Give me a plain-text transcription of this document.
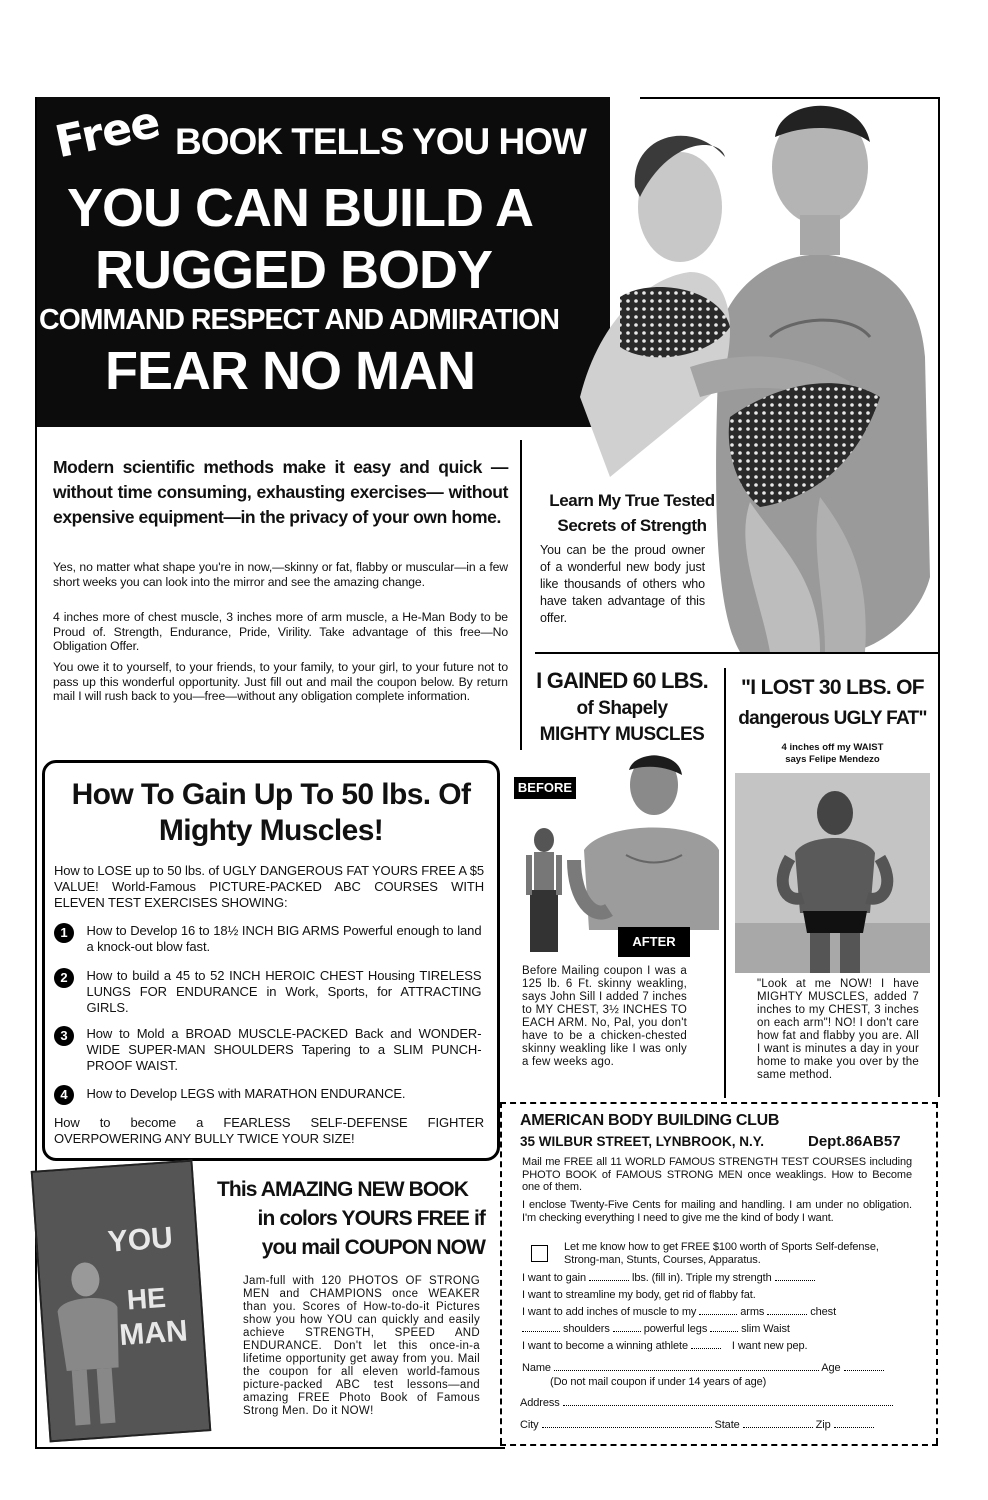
Free BOOK TELLS YOU HOW
YOU CAN BUILD A
RUGGED BODY
COMMAND RESPECT AND ADMIRATION
FEAR NO MAN
Modern scientific methods make it easy and quick —without time consuming, exhausting exercises— without expensive equipment—in the privacy of your own home.
Yes, no matter what shape you're in now,—skinny or fat, flabby or muscular—in a few short weeks you can look into the mirror and see the amazing change.
4 inches more of chest muscle, 3 inches more of arm muscle, a He-Man Body to be Proud of. Strength, Endurance, Pride, Virility. Take advantage of this free—No Obligation Offer.
You owe it to yourself, to your friends, to your family, to your girl, to your future not to pass up this wonderful opportunity. Just fill out and mail the coupon below. By return mail I will rush back to you—free—without any obligation complete information.
Learn My True Tested Secrets of Strength
You can be the proud owner of a wonderful new body just like thousands of others who have taken advantage of this offer.
How To Gain Up To 50 lbs. Of Mighty Muscles!
How to LOSE up to 50 lbs. of UGLY DANGEROUS FAT YOURS FREE A $5 VALUE! World-Famous PICTURE-PACKED ABC COURSES WITH ELEVEN TEST EXERCISES SHOWING:
1 How to Develop 16 to 18½ INCH BIG ARMS Powerful enough to land a knock-out blow fast.
2 How to build a 45 to 52 INCH HEROIC CHEST Housing TIRELESS LUNGS FOR ENDURANCE in Work, Sports, for ATTRACTING GIRLS.
3 How to Mold a BROAD MUSCLE-PACKED Back and WONDER-WIDE SUPER-MAN SHOULDERS Tapering to a SLIM PUNCH-PROOF WAIST.
4 How to Develop LEGS with MARATHON ENDURANCE.
How to become a FEARLESS SELF-DEFENSE FIGHTER OVERPOWERING ANY BULLY TWICE YOUR SIZE!
I GAINED 60 LBS.
of Shapely
MIGHTY MUSCLES
BEFORE
AFTER
Before Mailing coupon I was a 125 lb. 6 Ft. skinny weakling, says John Sill I added 7 inches to MY CHEST, 3½ INCHES TO EACH ARM. No, Pal, you don't have to be a chicken-chested skinny weakling like I was only a few weeks ago.
"I LOST 30 LBS. OF
dangerous UGLY FAT"
4 inches off my WAIST
says Felipe Mendezo
"Look at me NOW! I have MIGHTY MUSCLES, added 7 inches to my CHEST, 3 inches on each arm"! NO! I don't care how fat and flabby you are. All I want is minutes a day in your home to make you over by the same method.
YOU
HE
MAN
This AMAZING NEW BOOK
in colors YOURS FREE if
you mail COUPON NOW
Jam-full with 120 PHOTOS OF STRONG MEN and CHAMPIONS once WEAKER than you. Scores of How-to-do-it Pictures show you how YOU can quickly and easily achieve STRENGTH, SPEED AND ENDURANCE. Don't let this once-in-a lifetime opportunity get away from you. Mail the coupon for all eleven world-famous picture-packed ABC test lessons—and amazing FREE Photo Book of Famous Strong Men. Do it NOW!
AMERICAN BODY BUILDING CLUB
35 WILBUR STREET, LYNBROOK, N.Y.	Dept.86AB57
Mail me FREE all 11 WORLD FAMOUS STRENGTH TEST COURSES including PHOTO BOOK of FAMOUS STRONG MEN once weaklings. How to Become one of them.
I enclose Twenty-Five Cents for mailing and handling. I am under no obligation. I'm checking everything I need to give me the kind of body I want.
Let me know how to get FREE $100 worth of Sports Self-defense, Strong-man, Stunts, Courses, Apparatus.
I want to gain	lbs. (fill in). Triple my strength
I want to streamline my body, get rid of flabby fat.
I want to add inches of muscle to my	arms	chest
shoulders	powerful legs	slim Waist
I want to become a winning athlete	I want new pep.
Name	Age
(Do not mail coupon if under 14 years of age)
Address
City	State	Zip
